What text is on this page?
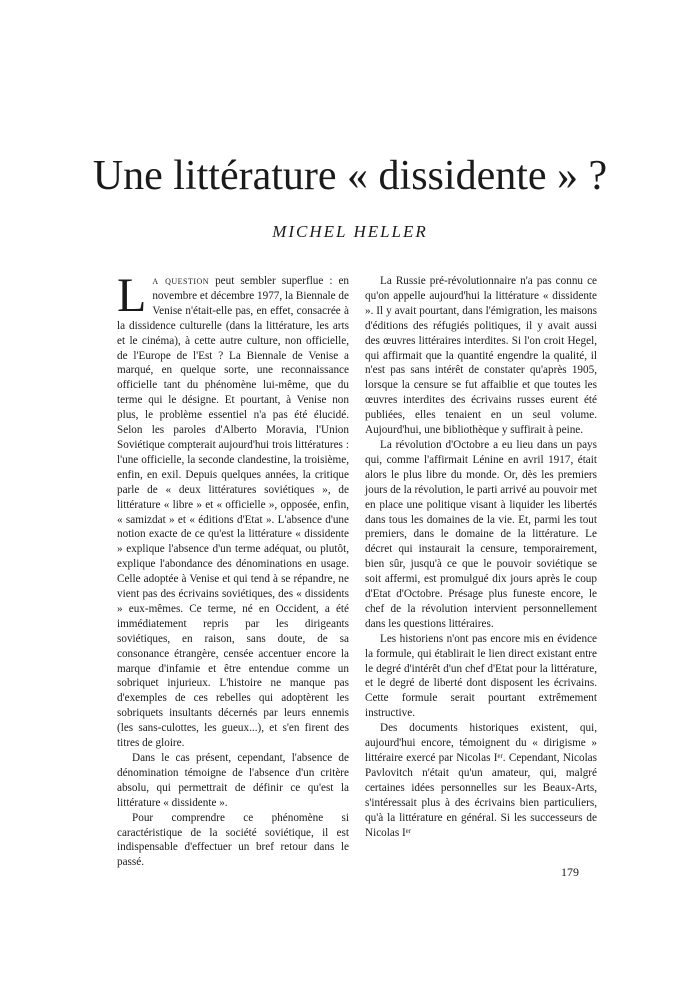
Une littérature « dissidente » ?
MICHEL HELLER

La question peut sembler superflue : en novembre et décembre 1977, la Biennale de Venise n'était-elle pas, en effet, consacrée à la dissidence culturelle (dans la littérature, les arts et le cinéma), à cette autre culture, non officielle, de l'Europe de l'Est ? La Biennale de Venise a marqué, en quelque sorte, une reconnaissance officielle tant du phénomène lui-même, que du terme qui le désigne. Et pourtant, à Venise non plus, le problème essentiel n'a pas été élucidé. Selon les paroles d'Alberto Moravia, l'Union Soviétique compterait aujourd'hui trois littératures : l'une officielle, la seconde clandestine, la troisième, enfin, en exil. Depuis quelques années, la critique parle de « deux littératures soviétiques », de littérature « libre » et « officielle », opposée, enfin, « samizdat » et « éditions d'Etat ». L'absence d'une notion exacte de ce qu'est la littérature « dissidente » explique l'absence d'un terme adéquat, ou plutôt, explique l'abondance des dénominations en usage. Celle adoptée à Venise et qui tend à se répandre, ne vient pas des écrivains soviétiques, des « dissidents » eux-mêmes. Ce terme, né en Occident, a été immédiatement repris par les dirigeants soviétiques, en raison, sans doute, de sa consonance étrangère, censée accentuer encore la marque d'infamie et être entendue comme un sobriquet injurieux. L'histoire ne manque pas d'exemples de ces rebelles qui adoptèrent les sobriquets insultants décernés par leurs ennemis (les sans-culottes, les gueux...), et s'en firent des titres de gloire.

Dans le cas présent, cependant, l'absence de dénomination témoigne de l'absence d'un critère absolu, qui permettrait de définir ce qu'est la littérature « dissidente ».

Pour comprendre ce phénomène si caractéristique de la société soviétique, il est indispensable d'effectuer un bref retour dans le passé.

La Russie pré-révolutionnaire n'a pas connu ce qu'on appelle aujourd'hui la littérature « dissidente ». Il y avait pourtant, dans l'émigration, les maisons d'éditions des réfugiés politiques, il y avait aussi des œuvres littéraires interdites. Si l'on croit Hegel, qui affirmait que la quantité engendre la qualité, il n'est pas sans intérêt de constater qu'après 1905, lorsque la censure se fut affaiblie et que toutes les œuvres interdites des écrivains russes eurent été publiées, elles tenaient en un seul volume. Aujourd'hui, une bibliothèque y suffirait à peine.

La révolution d'Octobre a eu lieu dans un pays qui, comme l'affirmait Lénine en avril 1917, était alors le plus libre du monde. Or, dès les premiers jours de la révolution, le parti arrivé au pouvoir met en place une politique visant à liquider les libertés dans tous les domaines de la vie. Et, parmi les tout premiers, dans le domaine de la littérature. Le décret qui instaurait la censure, temporairement, bien sûr, jusqu'à ce que le pouvoir soviétique se soit affermi, est promulgué dix jours après le coup d'Etat d'Octobre. Présage plus funeste encore, le chef de la révolution intervient personnellement dans les questions littéraires.

Les historiens n'ont pas encore mis en évidence la formule, qui établirait le lien direct existant entre le degré d'intérêt d'un chef d'Etat pour la littérature, et le degré de liberté dont disposent les écrivains. Cette formule serait pourtant extrêmement instructive.

Des documents historiques existent, qui, aujourd'hui encore, témoignent du « dirigisme » littéraire exercé par Nicolas Iᵉʳ. Cependant, Nicolas Pavlovitch n'était qu'un amateur, qui, malgré certaines idées personnelles sur les Beaux-Arts, s'intéressait plus à des écrivains bien particuliers, qu'à la littérature en général. Si les successeurs de Nicolas Iᵉʳ

179
